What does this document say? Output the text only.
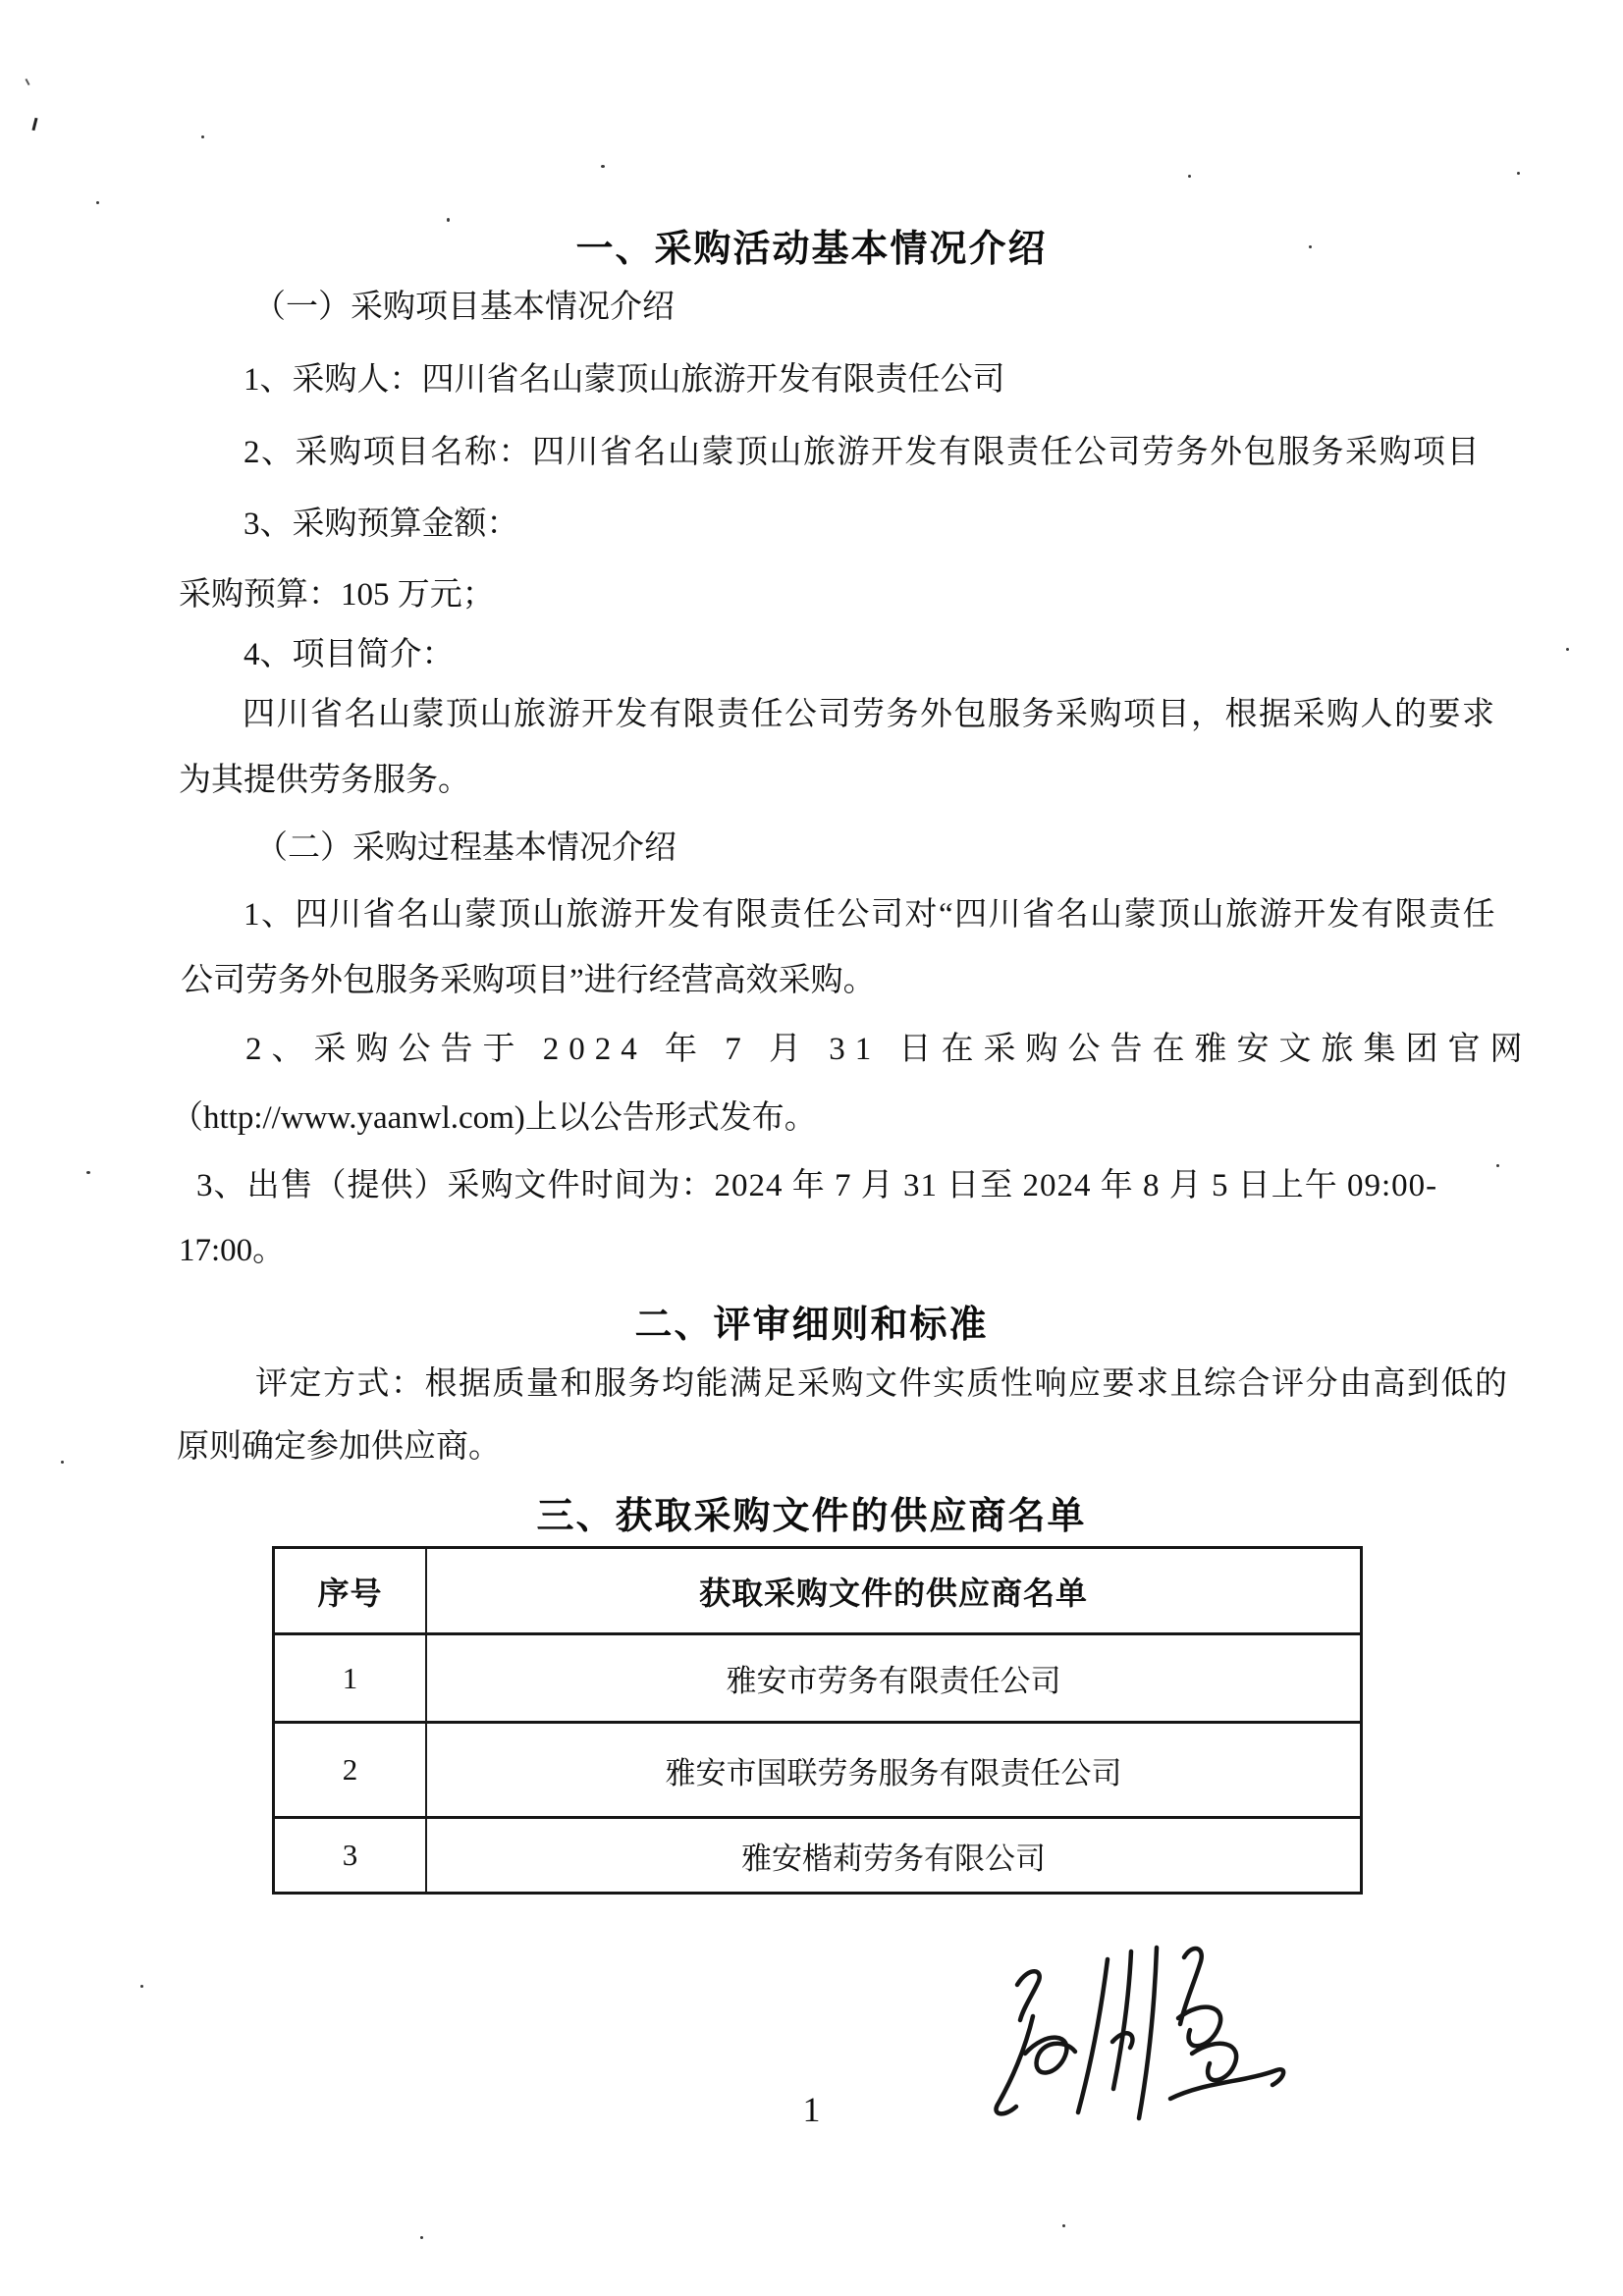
一、采购活动基本情况介绍
（一）采购项目基本情况介绍
1、采购人：四川省名山蒙顶山旅游开发有限责任公司
2、采购项目名称：四川省名山蒙顶山旅游开发有限责任公司劳务外包服务采购项目
3、采购预算金额：
采购预算：105 万元；
4、项目简介：
四川省名山蒙顶山旅游开发有限责任公司劳务外包服务采购项目，根据采购人的要求
为其提供劳务服务。
（二）采购过程基本情况介绍
1、四川省名山蒙顶山旅游开发有限责任公司对“四川省名山蒙顶山旅游开发有限责任
公司劳务外包服务采购项目”进行经营高效采购。
2、采购公告于 2024 年 7 月 31 日在采购公告在雅安文旅集团官网
（http://www.yaanwl.com)上以公告形式发布。
3、出售（提供）采购文件时间为：2024 年 7 月 31 日至 2024 年 8 月 5 日上午 09:00-
17:00。
二、评审细则和标准
评定方式：根据质量和服务均能满足采购文件实质性响应要求且综合评分由高到低的
原则确定参加供应商。
三、获取采购文件的供应商名单
序号	获取采购文件的供应商名单
1	雅安市劳务有限责任公司
2	雅安市国联劳务服务有限责任公司
3	雅安楷莉劳务有限公司
1
